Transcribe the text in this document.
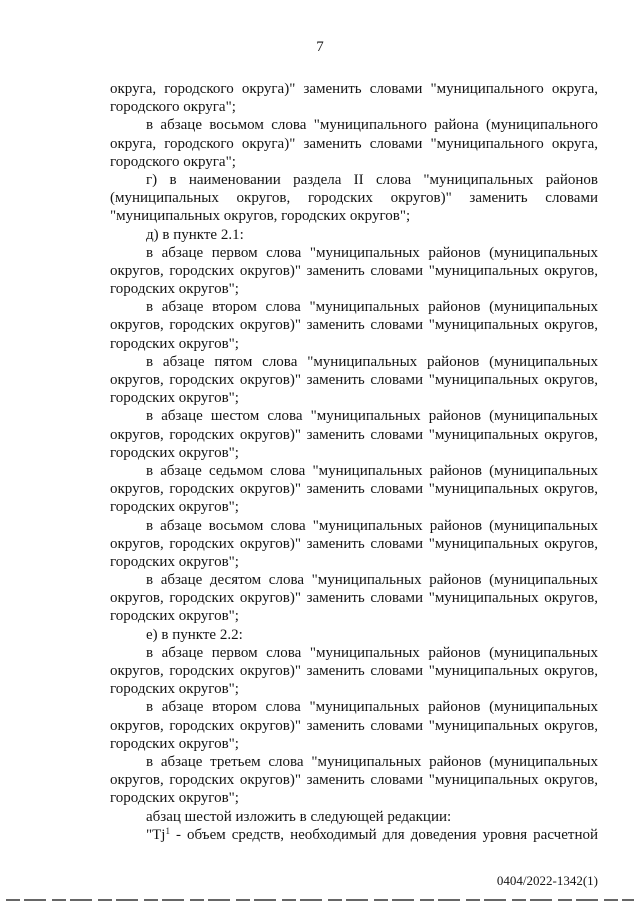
7
округа, городского округа)" заменить словами "муниципального округа,
городского округа";
в абзаце восьмом слова "муниципального района (муниципального
округа, городского округа)" заменить словами "муниципального округа,
городского округа";
г) в наименовании раздела II слова "муниципальных районов
(муниципальных округов, городских округов)" заменить словами
"муниципальных округов, городских округов";
д) в пункте 2.1:
в абзаце первом слова "муниципальных районов (муниципальных
округов, городских округов)" заменить словами "муниципальных округов,
городских округов";
в абзаце втором слова "муниципальных районов (муниципальных
округов, городских округов)" заменить словами "муниципальных округов,
городских округов";
в абзаце пятом слова "муниципальных районов (муниципальных
округов, городских округов)" заменить словами "муниципальных округов,
городских округов";
в абзаце шестом слова "муниципальных районов (муниципальных
округов, городских округов)" заменить словами "муниципальных округов,
городских округов";
в абзаце седьмом слова "муниципальных районов (муниципальных
округов, городских округов)" заменить словами "муниципальных округов,
городских округов";
в абзаце восьмом слова "муниципальных районов (муниципальных
округов, городских округов)" заменить словами "муниципальных округов,
городских округов";
в абзаце десятом слова "муниципальных районов (муниципальных
округов, городских округов)" заменить словами "муниципальных округов,
городских округов";
е) в пункте 2.2:
в абзаце первом слова "муниципальных районов (муниципальных
округов, городских округов)" заменить словами "муниципальных округов,
городских округов";
в абзаце втором слова "муниципальных районов (муниципальных
округов, городских округов)" заменить словами "муниципальных округов,
городских округов";
в абзаце третьем слова "муниципальных районов (муниципальных
округов, городских округов)" заменить словами "муниципальных округов,
городских округов";
абзац шестой изложить в следующей редакции:
"Tj$^1$ - объем средств, необходимый для доведения уровня расчетной
0404/2022-1342(1)
